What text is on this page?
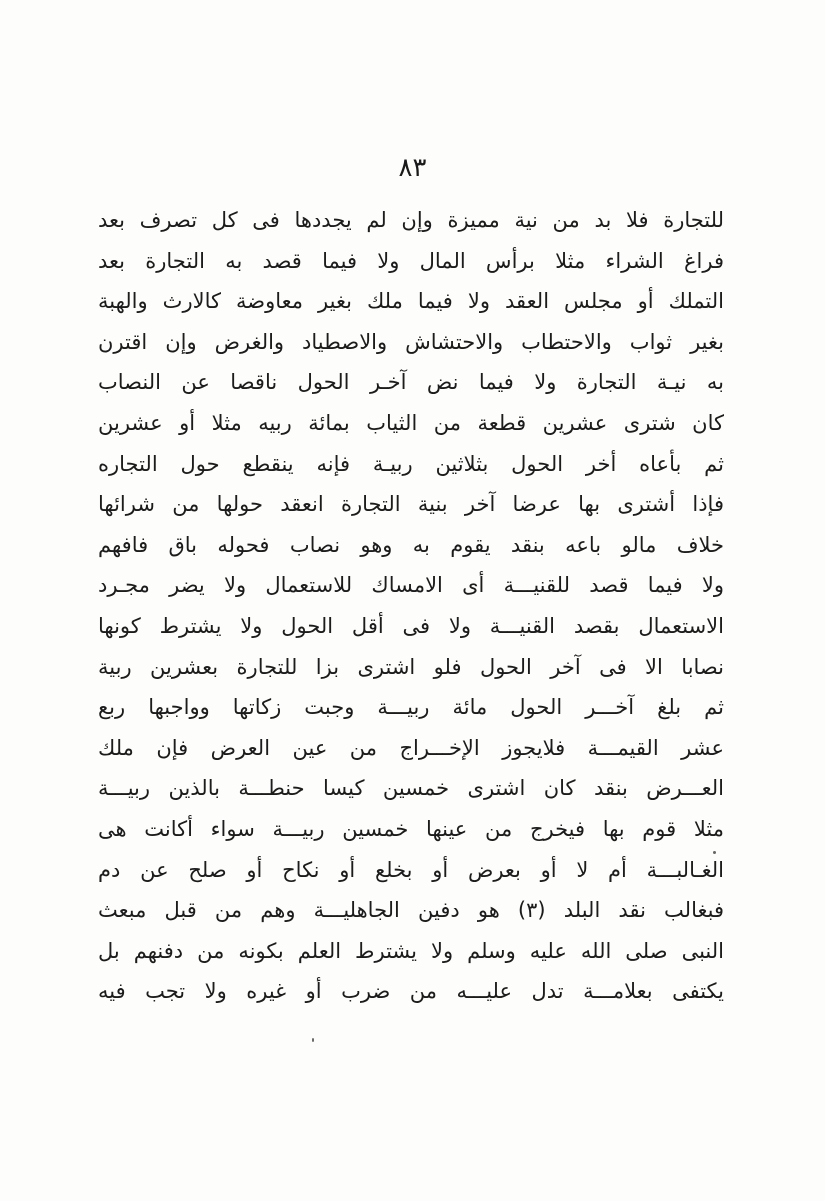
٨٣
للتجارة فلا بد من نية مميزة وإن لم يجددها فى كل تصرف بعد
فراغ الشراء مثلا برأس المال ولا فيما قصد به التجارة بعد
التملك أو مجلس العقد ولا فيما ملك بغير معاوضة كالارث والهبة
بغير ثواب والاحتطاب والاحتشاش والاصطياد والغرض وإن اقترن
به نيـة التجارة ولا فيما نض آخـر الحول ناقصا عن النصاب
كان شترى عشرين قطعة من الثياب بمائة ربيه مثلا أو عشرين
ثم بأعاه أخر الحول بثلاثين ربيـة فإنه ينقطع حول التجاره
فإذا أشترى بها عرضا آخر بنية التجارة انعقد حولها من شرائها
خلاف مالو باعه بنقد يقوم به وهو نصاب فحوله باق فافهم
ولا فيما قصد للقنيـــة أى الامساك للاستعمال ولا يضر مجـرد
الاستعمال بقصد القنيـــة ولا فى أقل الحول ولا يشترط كونها
نصابا الا فى آخر الحول فلو اشترى بزا للتجارة بعشرين ربية
ثم بلغ آخـــر الحول مائة ربيـــة وجبت زكاتها وواجبها ربع
عشر القيمـــة فلايجوز الإخـــراج من عين العرض فإن ملك
العـــرض بنقد كان اشترى خمسين كيسا حنطـــة بالذين ربيـــة
مثلا قوم بها فيخرج من عينها خمسين ربيـــة سواء أكانت هى
الغـالبـــة أم لا أو بعرض أو بخلع أو نكاح أو صلح عن دم
فبغالب نقد البلد (٣) هو دفين الجاهليـــة وهم من قبل مبعث
النبى صلى الله عليه وسلم ولا يشترط العلم بكونه من دفنهم بل
يكتفى بعلامـــة تدل عليـــه من ضرب أو غيره ولا تجب فيه
